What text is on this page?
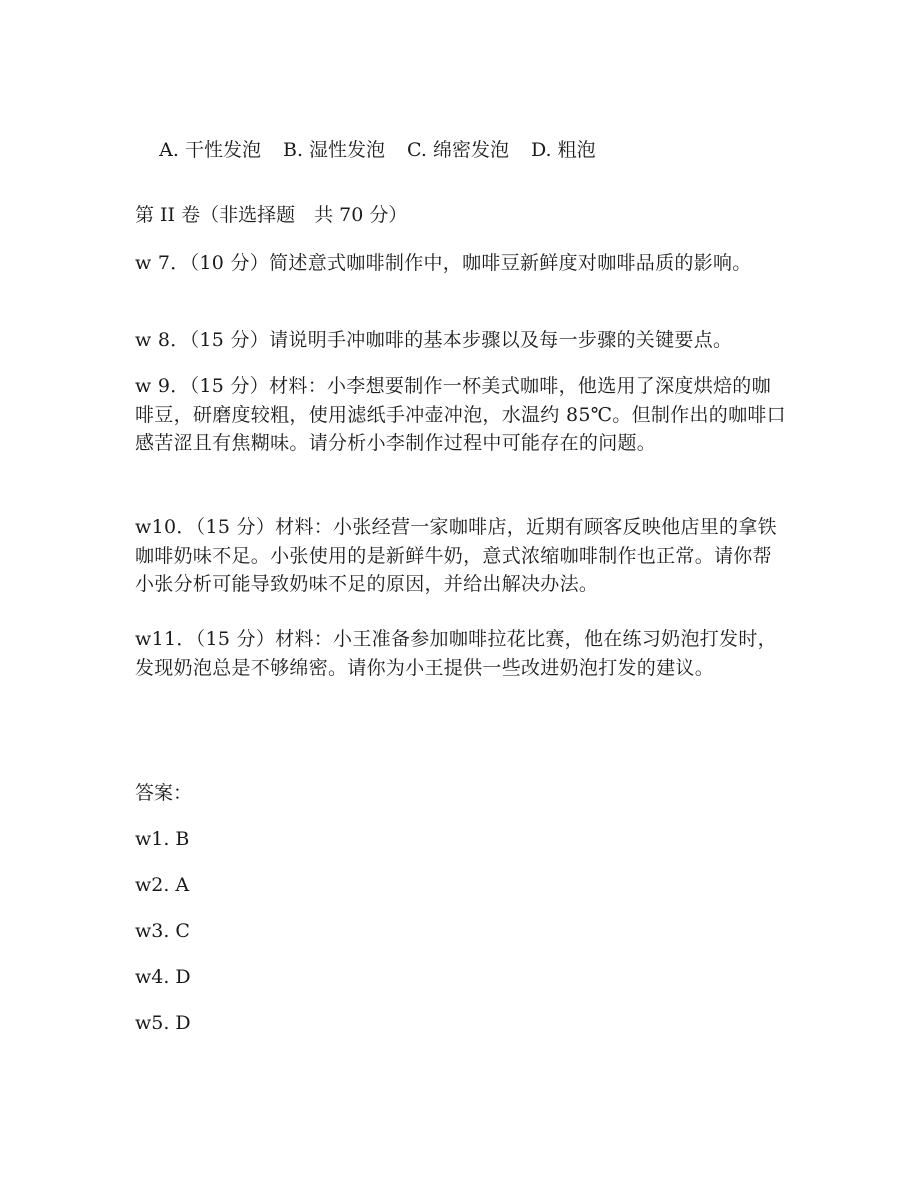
A. 干性发泡 B. 湿性发泡 C. 绵密发泡 D. 粗泡

第 II 卷（非选择题　共 70 分）

w 7．（10 分）简述意式咖啡制作中，咖啡豆新鲜度对咖啡品质的影响。

w 8．（15 分）请说明手冲咖啡的基本步骤以及每一步骤的关键要点。

w 9．（15 分）材料：小李想要制作一杯美式咖啡，他选用了深度烘焙的咖啡豆，研磨度较粗，使用滤纸手冲壶冲泡，水温约 85℃。但制作出的咖啡口感苦涩且有焦糊味。请分析小李制作过程中可能存在的问题。

w10．（15 分）材料：小张经营一家咖啡店，近期有顾客反映他店里的拿铁咖啡奶味不足。小张使用的是新鲜牛奶，意式浓缩咖啡制作也正常。请你帮小张分析可能导致奶味不足的原因，并给出解决办法。

w11．（15 分）材料：小王准备参加咖啡拉花比赛，他在练习奶泡打发时，发现奶泡总是不够绵密。请你为小王提供一些改进奶泡打发的建议。

答案：

w1. B

w2. A

w3. C

w4. D

w5. D
